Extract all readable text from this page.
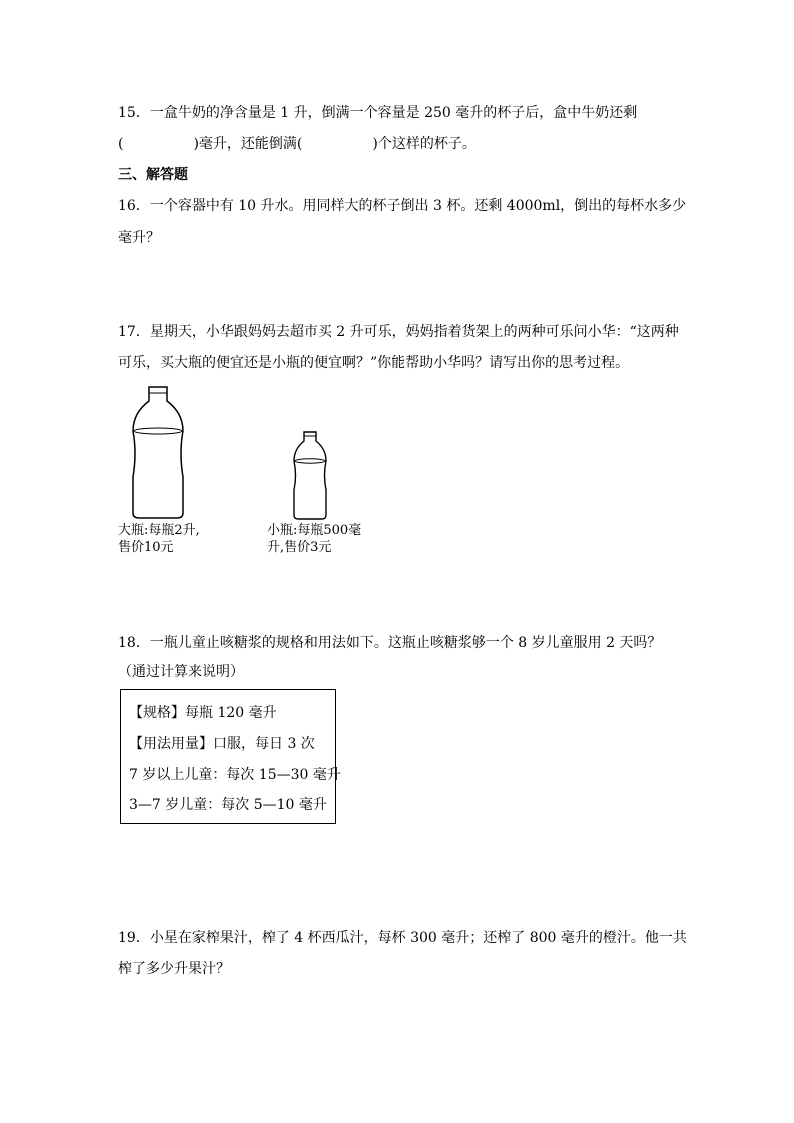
15．一盒牛奶的净含量是 1 升，倒满一个容量是 250 毫升的杯子后，盒中牛奶还剩
(	)毫升，还能倒满(	)个这样的杯子。
三、解答题
16．一个容器中有 10 升水。用同样大的杯子倒出 3 杯。还剩 4000ml，倒出的每杯水多少
毫升？
17．星期天，小华跟妈妈去超市买 2 升可乐，妈妈指着货架上的两种可乐问小华：“这两种
可乐，买大瓶的便宜还是小瓶的便宜啊？”你能帮助小华吗？请写出你的思考过程。
大瓶:每瓶2升,
售价10元
小瓶:每瓶500毫
升,售价3元
18．一瓶儿童止咳糖浆的规格和用法如下。这瓶止咳糖浆够一个 8 岁儿童服用 2 天吗？
（通过计算来说明）
【规格】每瓶 120 毫升
【用法用量】口服，每日 3 次
7 岁以上儿童：每次 15—30 毫升
3—7 岁儿童：每次 5—10 毫升
19．小星在家榨果汁，榨了 4 杯西瓜汁，每杯 300 毫升；还榨了 800 毫升的橙汁。他一共
榨了多少升果汁？
